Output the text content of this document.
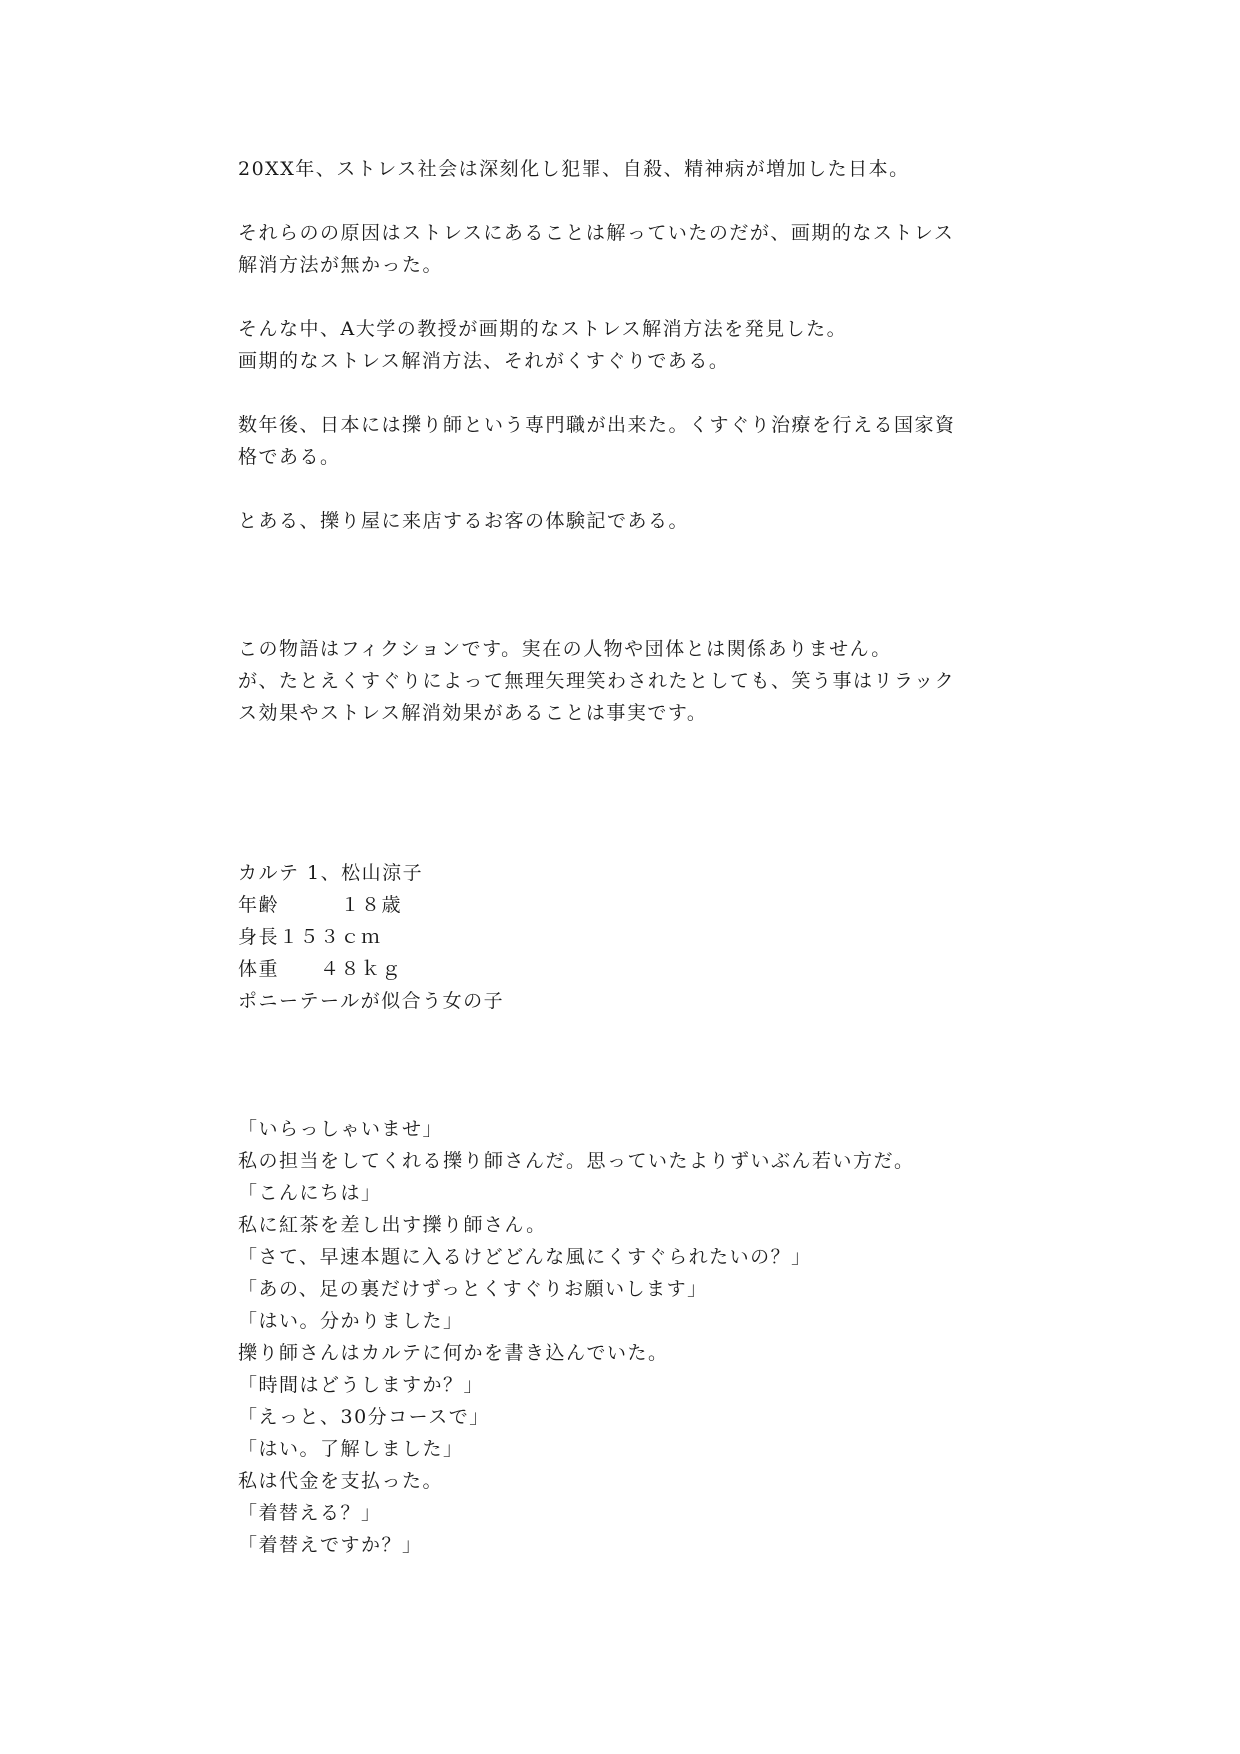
20XX年、ストレス社会は深刻化し犯罪、自殺、精神病が増加した日本。
それらのの原因はストレスにあることは解っていたのだが、画期的なストレス
解消方法が無かった。
そんな中、A大学の教授が画期的なストレス解消方法を発見した。
画期的なストレス解消方法、それがくすぐりである。
数年後、日本には擽り師という専門職が出来た。くすぐり治療を行える国家資
格である。
とある、擽り屋に来店するお客の体験記である。
この物語はフィクションです。実在の人物や団体とは関係ありません。
が、たとえくすぐりによって無理矢理笑わされたとしても、笑う事はリラック
ス効果やストレス解消効果があることは事実です。
カルテ 1、松山涼子
年齢　　　１８歳
身長１５３ｃｍ
体重　　４８ｋｇ
ポニーテールが似合う女の子
「いらっしゃいませ」
私の担当をしてくれる擽り師さんだ。思っていたよりずいぶん若い方だ。
「こんにちは」
私に紅茶を差し出す擽り師さん。
「さて、早速本題に入るけどどんな風にくすぐられたいの？」
「あの、足の裏だけずっとくすぐりお願いします」
「はい。分かりました」
擽り師さんはカルテに何かを書き込んでいた。
「時間はどうしますか？」
「えっと、30分コースで」
「はい。了解しました」
私は代金を支払った。
「着替える？」
「着替えですか？」
